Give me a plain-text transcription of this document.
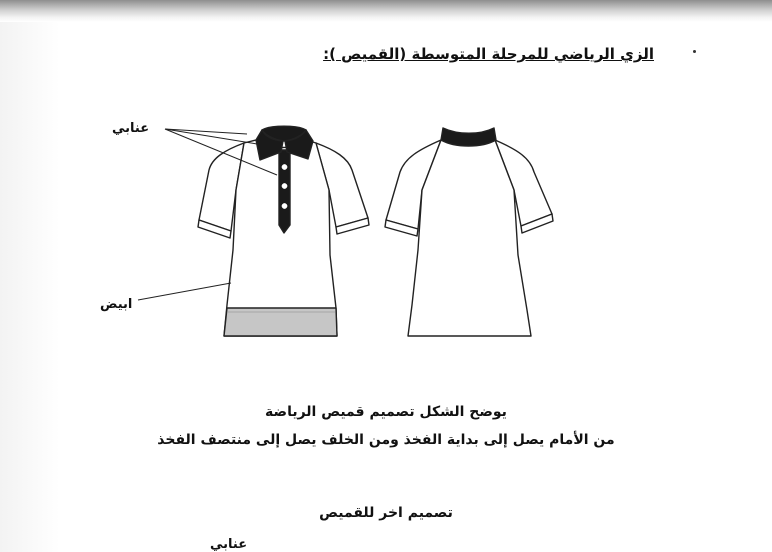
الزي الرياضي للمرحلة المتوسطة (القميص ):
عنابي
ابيض
يوضح الشكل تصميم قميص الرياضة
من الأمام يصل إلى بداية الفخذ ومن الخلف يصل إلى منتصف الفخذ
تصميم اخر للقميص
عنابي
